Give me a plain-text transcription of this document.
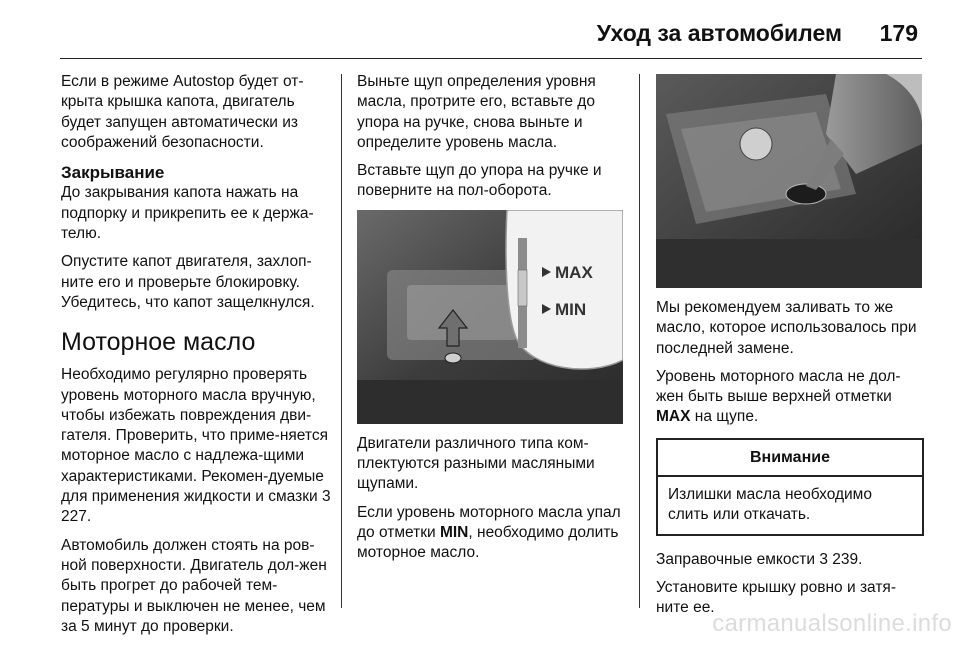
Уход за автомобилем 179

Если в режиме Autostop будет от-крыта крышка капота, двигатель будет запущен автоматически из соображений безопасности.

Закрывание

До закрывания капота нажать на подпорку и прикрепить ее к держа-телю.

Опустите капот двигателя, захлоп-ните его и проверьте блокировку. Убедитесь, что капот защелкнулся.

Моторное масло

Необходимо регулярно проверять уровень моторного масла вручную, чтобы избежать повреждения дви-гателя. Проверить, что приме-няется моторное масло с надлежа-щими характеристиками. Рекомен-дуемые для применения жидкости и смазки 3 227.

Автомобиль должен стоять на ров-ной поверхности. Двигатель дол-жен быть прогрет до рабочей тем-пературы и выключен не менее, чем за 5 минут до проверки.

Выньте щуп определения уровня масла, протрите его, вставьте до упора на ручке, снова выньте и определите уровень масла.

Вставьте щуп до упора на ручке и поверните на пол-оборота.

MAX
MIN

Двигатели различного типа ком-плектуются разными масляными щупами.

Если уровень моторного масла упал до отметки MIN, необходимо долить моторное масло.

Мы рекомендуем заливать то же масло, которое использовалось при последней замене.

Уровень моторного масла не дол-жен быть выше верхней отметки MAX на щупе.

Внимание
Излишки масла необходимо слить или откачать.

Заправочные емкости 3 239.

Установите крышку ровно и затя-ните ее.

carmanualsonline.info
